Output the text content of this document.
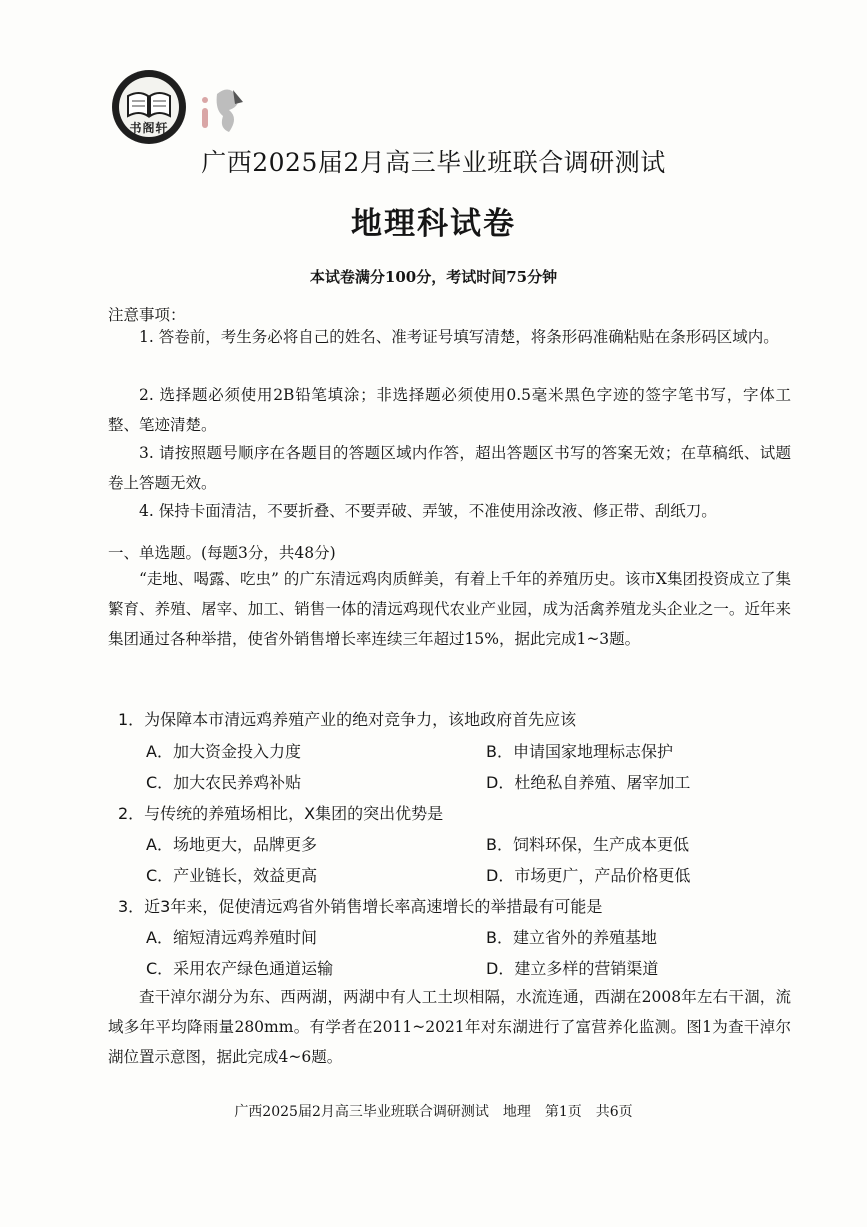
书阁轩
广西2025届2月高三毕业班联合调研测试
地理科试卷
本试卷满分100分，考试时间75分钟
注意事项：
1. 答卷前，考生务必将自己的姓名、准考证号填写清楚，将条形码准确粘贴在条形码区域内。
2. 选择题必须使用2B铅笔填涂；非选择题必须使用0.5毫米黑色字迹的签字笔书写，字体工整、笔迹清楚。
3. 请按照题号顺序在各题目的答题区域内作答，超出答题区书写的答案无效；在草稿纸、试题卷上答题无效。
4. 保持卡面清洁，不要折叠、不要弄破、弄皱，不准使用涂改液、修正带、刮纸刀。
一、单选题。(每题3分，共48分)
“走地、喝露、吃虫” 的广东清远鸡肉质鲜美，有着上千年的养殖历史。该市X集团投资成立了集繁育、养殖、屠宰、加工、销售一体的清远鸡现代农业产业园，成为活禽养殖龙头企业之一。近年来集团通过各种举措，使省外销售增长率连续三年超过15%，据此完成1~3题。
1．为保障本市清远鸡养殖产业的绝对竞争力，该地政府首先应该
A．加大资金投入力度	B．申请国家地理标志保护
C．加大农民养鸡补贴	D．杜绝私自养殖、屠宰加工
2．与传统的养殖场相比，X集团的突出优势是
A．场地更大，品牌更多	B．饲料环保，生产成本更低
C．产业链长，效益更高	D．市场更广，产品价格更低
3．近3年来，促使清远鸡省外销售增长率高速增长的举措最有可能是
A．缩短清远鸡养殖时间	B．建立省外的养殖基地
C．采用农产绿色通道运输	D．建立多样的营销渠道
查干淖尔湖分为东、西两湖，两湖中有人工土坝相隔，水流连通，西湖在2008年左右干涸，流域多年平均降雨量280mm。有学者在2011~2021年对东湖进行了富营养化监测。图1为查干淖尔湖位置示意图，据此完成4~6题。
广西2025届2月高三毕业班联合调研测试　地理　第1页　共6页
